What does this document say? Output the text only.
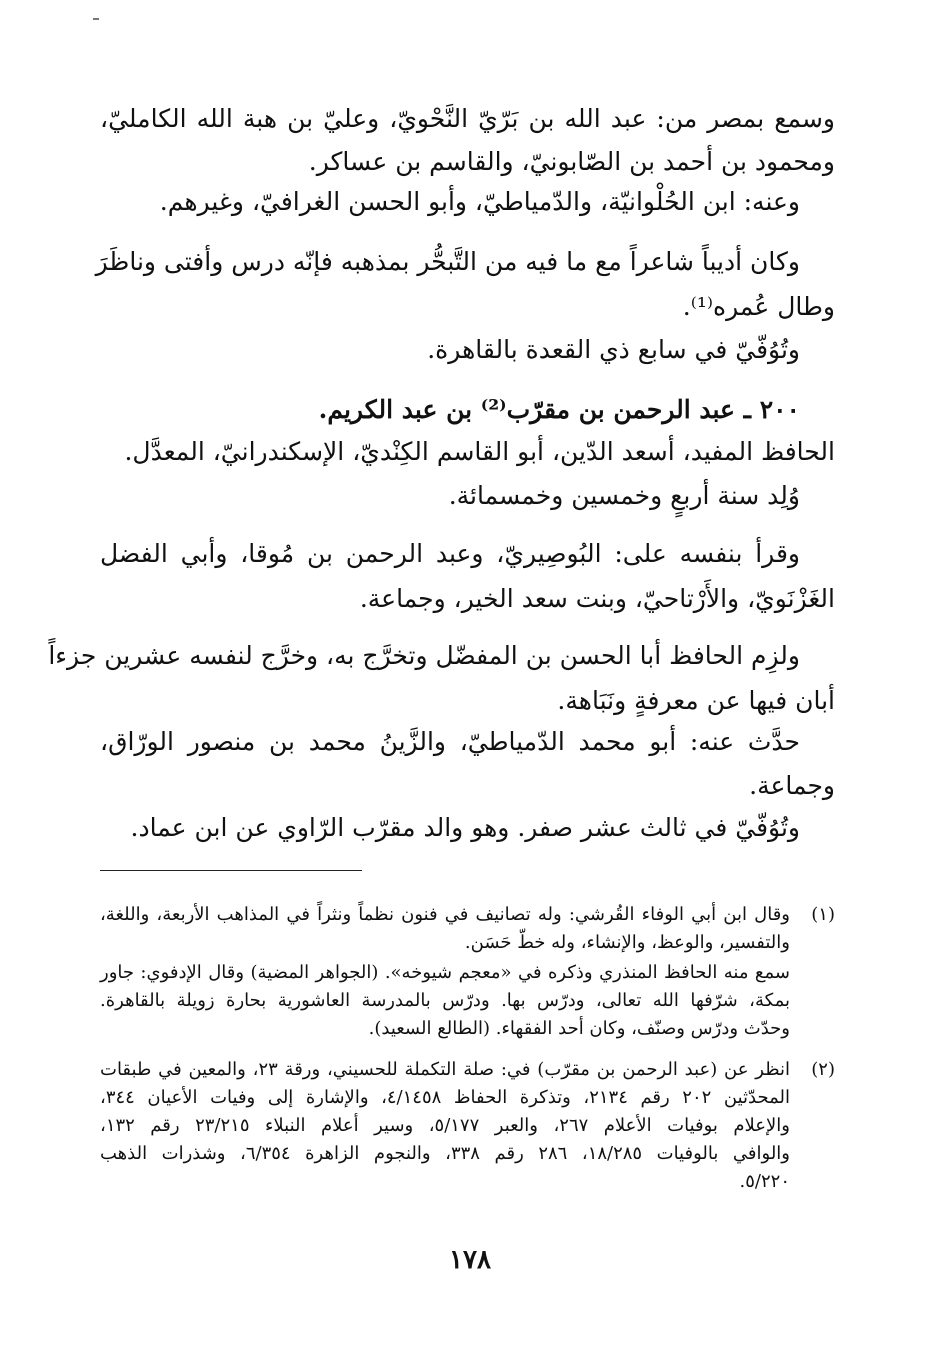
وسمع بمصر من: عبد الله بن بَرّيّ النَّحْويّ، وعليّ بن هبة الله الكامليّ،
ومحمود بن أحمد بن الصّابونيّ، والقاسم بن عساكر.
وعنه: ابن الحُلْوانيّة، والدّمياطيّ، وأبو الحسن الغرافيّ، وغيرهم.
وكان أديباً شاعراً مع ما فيه من التَّبحُّر بمذهبه فإنّه درس وأفتى وناظَرَ
وطال عُمره⁽¹⁾.
وتُوُفّيّ في سابع ذي القعدة بالقاهرة.
٢٠٠ ـ عبد الرحمن بن مقرّب⁽²⁾ بن عبد الكريم.
الحافظ المفيد، أسعد الدّين، أبو القاسم الكِنْديّ، الإسكندرانيّ، المعدَّل.
وُلِد سنة أربعٍ وخمسين وخمسمائة.
وقرأ بنفسه على: البُوصِيريّ، وعبد الرحمن بن مُوقا، وأبي الفضل
الغَزْنَويّ، والأَرْتاحيّ، وبنت سعد الخير، وجماعة.
ولزِم الحافظ أبا الحسن بن المفضّل وتخرَّج به، وخرَّج لنفسه عشرين جزءاً
أبان فيها عن معرفةٍ ونَبَاهة.
حدَّث عنه: أبو محمد الدّمياطيّ، والزَّينُ محمد بن منصور الورّاق،
وجماعة.
وتُوُفّيّ في ثالث عشر صفر. وهو والد مقرّب الرّاوي عن ابن عماد.
(١)
وقال ابن أبي الوفاء القُرشي: وله تصانيف في فنون نظماً ونثراً في المذاهب الأربعة، واللغة،
والتفسير، والوعظ، والإنشاء، وله خطّ حَسَن.
سمع منه الحافظ المنذري وذكره في «معجم شيوخه». (الجواهر المضية) وقال الإدفوي: جاور
بمكة، شرّفها الله تعالى، ودرّس بها. ودرّس بالمدرسة العاشورية بحارة زويلة بالقاهرة.
وحدّث ودرّس وصنّف، وكان أحد الفقهاء. (الطالع السعيد).
(٢)
انظر عن (عبد الرحمن بن مقرّب) في: صلة التكملة للحسيني، ورقة ٢٣، والمعين في طبقات
المحدّثين ٢٠٢ رقم ٢١٣٤، وتذكرة الحفاظ ٤/١٤٥٨، والإشارة إلى وفيات الأعيان ٣٤٤،
والإعلام بوفيات الأعلام ٢٦٧، والعبر ٥/١٧٧، وسير أعلام النبلاء ٢٣/٢١٥ رقم ١٣٢،
والوافي بالوفيات ١٨/٢٨٥، ٢٨٦ رقم ٣٣٨، والنجوم الزاهرة ٦/٣٥٤، وشذرات الذهب
٥/٢٢٠.
١٧٨
